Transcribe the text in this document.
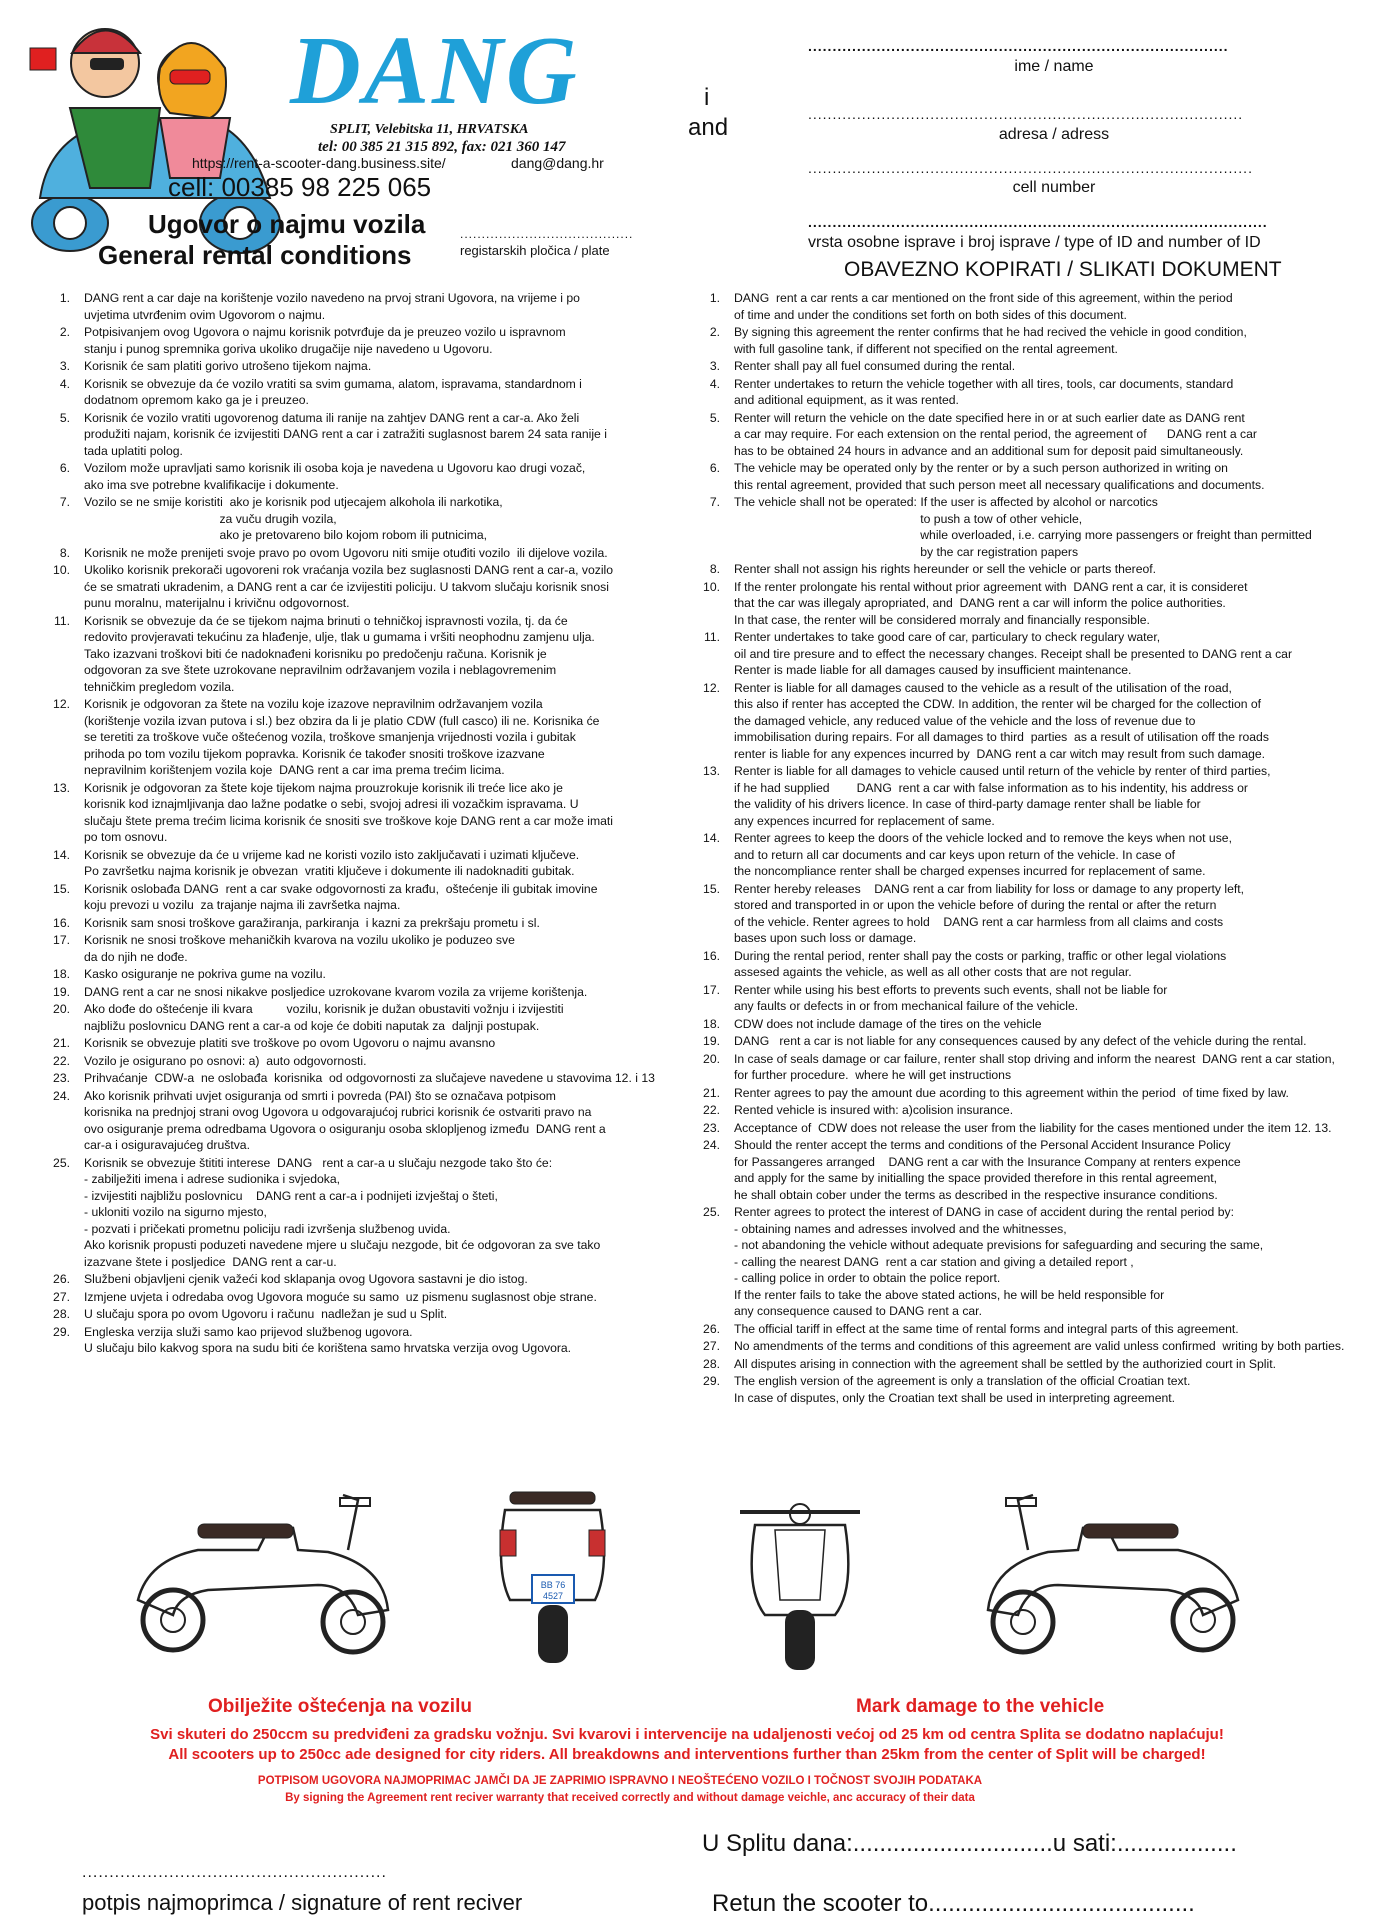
DANG
SPLIT, Velebitska 11, HRVATSKA
tel: 00 385 21 315 892, fax: 021 360 147
https://rent-a-scooter-dang.business.site/	dang@dang.hr
cell: 00385 98 225 065
Ugovor o najmu vozila
General rental conditions
........................................
registarskih pločica / plate
i
and
......................................................................................
ime / name
.........................................................................................
adresa / adress
...........................................................................................
cell number
..............................................................................................
vrsta osobne isprave i broj isprave / type of ID and number of ID
OBAVEZNO KOPIRATI / SLIKATI DOKUMENT
1.	DANG rent a car daje na korištenje vozilo navedeno na prvoj strani Ugovora, na vrijeme i po
uvjetima utvrđenim ovim Ugovorom o najmu.
2.	Potpisivanjem ovog Ugovora o najmu korisnik potvrđuje da je preuzeo vozilo u ispravnom
stanju i punog spremnika goriva ukoliko drugačije nije navedeno u Ugovoru.
3.	Korisnik će sam platiti gorivo utrošeno tijekom najma.
4.	Korisnik se obvezuje da će vozilo vratiti sa svim gumama, alatom, ispravama, standardnom i
dodatnom opremom kako ga je i preuzeo.
5.	Korisnik će vozilo vratiti ugovorenog datuma ili ranije na zahtjev DANG rent a car-a. Ako želi
produžiti najam, korisnik će izvijestiti DANG rent a car i zatražiti suglasnost barem 24 sata ranije i
tada uplatiti polog.
6.	Vozilom može upravljati samo korisnik ili osoba koja je navedena u Ugovoru kao drugi vozač,
ako ima sve potrebne kvalifikacije i dokumente.
7.	Vozilo se ne smije koristiti  ako je korisnik pod utjecajem alkohola ili narkotika,
za vuču drugih vozila,
ako je pretovareno bilo kojom robom ili putnicima,
8.	Korisnik ne može prenijeti svoje pravo po ovom Ugovoru niti smije otuđiti vozilo  ili dijelove vozila.
10.	Ukoliko korisnik prekorači ugovoreni rok vraćanja vozila bez suglasnosti DANG rent a car-a, vozilo
će se smatrati ukradenim, a DANG rent a car će izvijestiti policiju. U takvom slučaju korisnik snosi
punu moralnu, materijalnu i krivičnu odgovornost.
11.	Korisnik se obvezuje da će se tijekom najma brinuti o tehničkoj ispravnosti vozila, tj. da će
redovito provjeravati tekućinu za hlađenje, ulje, tlak u gumama i vršiti neophodnu zamjenu ulja.
Tako izazvani troškovi biti će nadoknađeni korisniku po predočenju računa. Korisnik je
odgovoran za sve štete uzrokovane nepravilnim održavanjem vozila i neblagovremenim
tehničkim pregledom vozila.
12.	Korisnik je odgovoran za štete na vozilu koje izazove nepravilnim održavanjem vozila
(korištenje vozila izvan putova i sl.) bez obzira da li je platio CDW (full casco) ili ne. Korisnika će
se teretiti za troškove vuče oštećenog vozila, troškove smanjenja vrijednosti vozila i gubitak
prihoda po tom vozilu tijekom popravka. Korisnik će također snositi troškove izazvane
nepravilnim korištenjem vozila koje  DANG rent a car ima prema trećim licima.
13.	Korisnik je odgovoran za štete koje tijekom najma prouzrokuje korisnik ili treće lice ako je
korisnik kod iznajmljivanja dao lažne podatke o sebi, svojoj adresi ili vozačkim ispravama. U
slučaju štete prema trećim licima korisnik će snositi sve troškove koje DANG rent a car može imati
po tom osnovu.
14.	Korisnik se obvezuje da će u vrijeme kad ne koristi vozilo isto zaključavati i uzimati ključeve.
Po završetku najma korisnik je obvezan  vratiti ključeve i dokumente ili nadoknaditi gubitak.
15.	Korisnik oslobađa DANG  rent a car svake odgovornosti za krađu,  oštećenje ili gubitak imovine
koju prevozi u vozilu  za trajanje najma ili završetka najma.
16.	Korisnik sam snosi troškove garažiranja, parkiranja  i kazni za prekršaju prometu i sl.
17.	Korisnik ne snosi troškove mehaničkih kvarova na vozilu ukoliko je poduzeo sve
da do njih ne dođe.
18.	Kasko osiguranje ne pokriva gume na vozilu.
19.	DANG rent a car ne snosi nikakve posljedice uzrokovane kvarom vozila za vrijeme korištenja.
20.	Ako dođe do oštećenje ili kvara          vozilu, korisnik je dužan obustaviti vožnju i izvijestiti
najbližu poslovnicu DANG rent a car-a od koje će dobiti naputak za  daljnji postupak.
21.	Korisnik se obvezuje platiti sve troškove po ovom Ugovoru o najmu avansno
22.	Vozilo je osigurano po osnovi: a)  auto odgovornosti.
23.	Prihvaćanje  CDW-a  ne oslobađa  korisnika  od odgovornosti za slučajeve navedene u stavovima 12. i 13
24.	Ako korisnik prihvati uvjet osiguranja od smrti i povreda (PAI) što se označava potpisom
korisnika na prednjoj strani ovog Ugovora u odgovarajućoj rubrici korisnik će ostvariti pravo na
ovo osiguranje prema odredbama Ugovora o osiguranju osoba sklopljenog između  DANG rent a
car-a i osiguravajućeg društva.
25.	Korisnik se obvezuje štititi interese  DANG   rent a car-a u slučaju nezgode tako što će:
- zabilježiti imena i adrese sudionika i svjedoka,
- izvijestiti najbližu poslovnicu    DANG rent a car-a i podnijeti izvještaj o šteti,
- ukloniti vozilo na sigurno mjesto,
- pozvati i pričekati prometnu policiju radi izvršenja službenog uvida.
Ako korisnik propusti poduzeti navedene mjere u slučaju nezgode, bit će odgovoran za sve tako
izazvane štete i posljedice  DANG rent a car-u.
26.	Službeni objavljeni cjenik važeći kod sklapanja ovog Ugovora sastavni je dio istog.
27.	Izmjene uvjeta i odredaba ovog Ugovora moguće su samo  uz pismenu suglasnost obje strane.
28.	U slučaju spora po ovom Ugovoru i računu  nadležan je sud u Split.
29.	Engleska verzija služi samo kao prijevod službenog ugovora.
U slučaju bilo kakvog spora na sudu biti će korištena samo hrvatska verzija ovog Ugovora.
1.	DANG  rent a car rents a car mentioned on the front side of this agreement, within the period
of time and under the conditions set forth on both sides of this document.
2.	By signing this agreement the renter confirms that he had recived the vehicle in good condition,
with full gasoline tank, if different not specified on the rental agreement.
3.	Renter shall pay all fuel consumed during the rental.
4.	Renter undertakes to return the vehicle together with all tires, tools, car documents, standard
and aditional equipment, as it was rented.
5.	Renter will return the vehicle on the date specified here in or at such earlier date as DANG rent
a car may require. For each extension on the rental period, the agreement of      DANG rent a car
has to be obtained 24 hours in advance and an additional sum for deposit paid simultaneously.
6.	The vehicle may be operated only by the renter or by a such person authorized in writing on
this rental agreement, provided that such person meet all necessary qualifications and documents.
7.	The vehicle shall not be operated: If the user is affected by alcohol or narcotics
to push a tow of other vehicle,
while overloaded, i.e. carrying more passengers or freight than permitted
by the car registration papers
8.	Renter shall not assign his rights hereunder or sell the vehicle or parts thereof.
10.	If the renter prolongate his rental without prior agreement with  DANG rent a car, it is consideret
that the car was illegaly apropriated, and  DANG rent a car will inform the police authorities.
In that case, the renter will be considered morraly and financially responsible.
11.	Renter undertakes to take good care of car, particulary to check regulary water,
oil and tire presure and to effect the necessary changes. Receipt shall be presented to DANG rent a car
Renter is made liable for all damages caused by insufficient maintenance.
12.	Renter is liable for all damages caused to the vehicle as a result of the utilisation of the road,
this also if renter has accepted the CDW. In addition, the renter wil be charged for the collection of
the damaged vehicle, any reduced value of the vehicle and the loss of revenue due to
immobilisation during repairs. For all damages to third  parties  as a result of utilisation off the roads
renter is liable for any expences incurred by  DANG rent a car witch may result from such damage.
13.	Renter is liable for all damages to vehicle caused until return of the vehicle by renter of third parties,
if he had supplied        DANG  rent a car with false information as to his indentity, his address or
the validity of his drivers licence. In case of third-party damage renter shall be liable for
any expences incurred for replacement of same.
14.	Renter agrees to keep the doors of the vehicle locked and to remove the keys when not use,
and to return all car documents and car keys upon return of the vehicle. In case of
the noncompliance renter shall be charged expenses incurred for replacement of same.
15.	Renter hereby releases    DANG rent a car from liability for loss or damage to any property left,
stored and transported in or upon the vehicle before of during the rental or after the return
of the vehicle. Renter agrees to hold    DANG rent a car harmless from all claims and costs
bases upon such loss or damage.
16.	During the rental period, renter shall pay the costs or parking, traffic or other legal violations
assesed againts the vehicle, as well as all other costs that are not regular.
17.	Renter while using his best efforts to prevents such events, shall not be liable for
any faults or defects in or from mechanical failure of the vehicle.
18.	CDW does not include damage of the tires on the vehicle
19.	DANG   rent a car is not liable for any consequences caused by any defect of the vehicle during the rental.
20.	In case of seals damage or car failure, renter shall stop driving and inform the nearest  DANG rent a car station,
for further procedure.  where he will get instructions
21.	Renter agrees to pay the amount due acording to this agreement within the period  of time fixed by law.
22.	Rented vehicle is insured with: a)colision insurance.
23.	Acceptance of  CDW does not release the user from the liability for the cases mentioned under the item 12. 13.
24.	Should the renter accept the terms and conditions of the Personal Accident Insurance Policy
for Passangeres arranged    DANG rent a car with the Insurance Company at renters expence
and apply for the same by initialling the space provided therefore in this rental agreement,
he shall obtain cober under the terms as described in the respective insurance conditions.
25.	Renter agrees to protect the interest of DANG in case of accident during the rental period by:
- obtaining names and adresses involved and the whitnesses,
- not abandoning the vehicle without adequate previsions for safeguarding and securing the same,
- calling the nearest DANG  rent a car station and giving a detailed report ,
- calling police in order to obtain the police report.
If the renter fails to take the above stated actions, he will be held responsible for
any consequence caused to DANG rent a car.
26.	The official tariff in effect at the same time of rental forms and integral parts of this agreement.
27.	No amendments of the terms and conditions of this agreement are valid unless confirmed  writing by both parties.
28.	All disputes arising in connection with the agreement shall be settled by the authorizied court in Split.
29.	The english version of the agreement is only a translation of the official Croatian text.
In case of disputes, only the Croatian text shall be used in interpreting agreement.
BB 76
4527
Obilježite oštećenja na vozilu	Mark damage to the vehicle
Svi skuteri do 250ccm su predviđeni za gradsku vožnju. Svi kvarovi i intervencije na udaljenosti većoj od 25 km od centra Splita se dodatno naplaćuju!
All scooters up to 250cc ade designed for city riders. All breakdowns and interventions further than 25km from the center of Split will be charged!
POTPISOM UGOVORA NAJMOPRIMAC JAMČI DA JE ZAPRIMIO ISPRAVNO I NEOŠTEĆENO VOZILO I TOČNOST SVOJIH PODATAKA
By signing the Agreement rent reciver warranty that received correctly and without damage veichle, anc accuracy of their data
U Splitu dana:..............................u sati:..................
........................................................
potpis najmoprimca / signature of rent reciver	Retun the scooter to........................................
